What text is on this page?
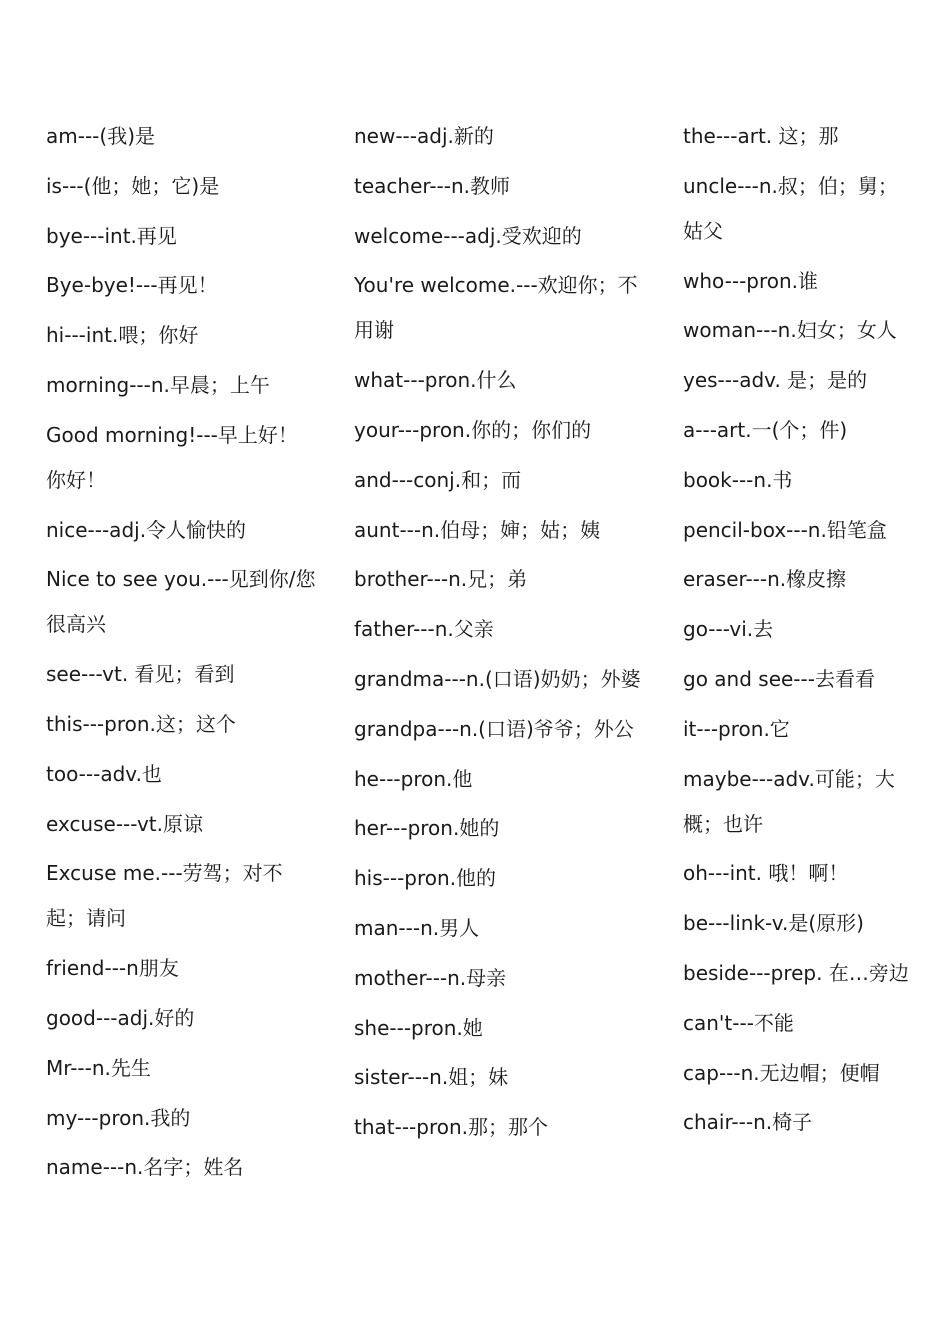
am---(我)是
is---(他；她；它)是
bye---int.再见
Bye-bye!---再见！
hi---int.喂；你好
morning---n.早晨；上午
Good morning!---早上好！你好！
nice---adj.令人愉快的
Nice to see you.---见到你/您很高兴
see---vt. 看见；看到
this---pron.这；这个
too---adv.也
excuse---vt.原谅
Excuse me.---劳驾；对不起；请问
friend---n朋友
good---adj.好的
Mr---n.先生
my---pron.我的
name---n.名字；姓名
new---adj.新的
teacher---n.教师
welcome---adj.受欢迎的
You're welcome.---欢迎你；不用谢
what---pron.什么
your---pron.你的；你们的
and---conj.和；而
aunt---n.伯母；婶；姑；姨
brother---n.兄；弟
father---n.父亲
grandma---n.(口语)奶奶；外婆
grandpa---n.(口语)爷爷；外公
he---pron.他
her---pron.她的
his---pron.他的
man---n.男人
mother---n.母亲
she---pron.她
sister---n.姐；妹
that---pron.那；那个
the---art. 这；那
uncle---n.叔；伯；舅；姑父
who---pron.谁
woman---n.妇女；女人
yes---adv. 是；是的
a---art.一(个；件)
book---n.书
pencil-box---n.铅笔盒
eraser---n.橡皮擦
go---vi.去
go and see---去看看
it---pron.它
maybe---adv.可能；大概；也许
oh---int. 哦！啊！
be---link-v.是(原形)
beside---prep. 在…旁边
can't---不能
cap---n.无边帽；便帽
chair---n.椅子
